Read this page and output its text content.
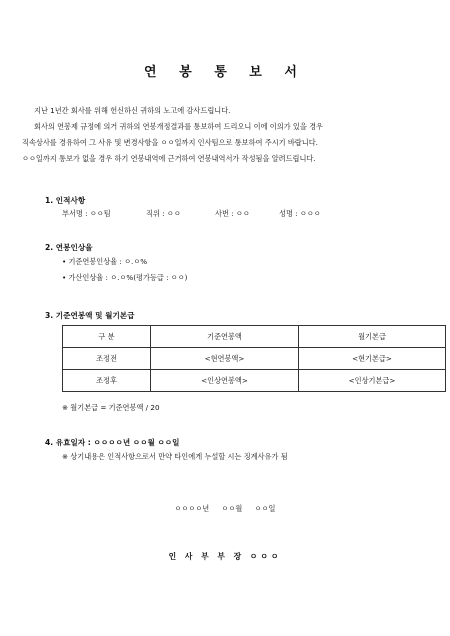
연 봉 통 보 서
지난 1년간 회사를 위해 헌신하신 귀하의 노고에 감사드립니다.
회사의 연봉제 규정에 의거 귀하의 연봉개정결과를 통보하여 드리오니 이에 이의가 있을 경우
직속상사를 경유하여 그 사유 및 변경사항을 ㅇㅇ일까지 인사팀으로 통보하여 주시기 바랍니다.
ㅇㅇ일까지 통보가 없을 경우 하기 연봉내역에 근거하여 연봉내역서가 작성됨을 알려드립니다.
1. 인적사항
부서명 : ㅇㅇ팀	직위 : ㅇㅇ	사번 : ㅇㅇ	성명 : ㅇㅇㅇ
2. 연봉인상율
• 기준연봉인상율 : ㅇ.ㅇ%
• 가산인상율 : ㅇ.ㅇ%(평가등급 : ㅇㅇ)
3. 기준연봉액 및 월기본급
구 분	기준연봉액	월기본급
조정전	<현연봉액>	<현기본급>
조정후	<인상연봉액>	<인상기본급>
※ 월기본급 = 기준연봉액 / 20
4. 유효일자 : ㅇㅇㅇㅇ년 ㅇㅇ월 ㅇㅇ일
※ 상기내용은 인적사항으로서 만약 타인에게 누설할 시는 징계사유가 됨
ㅇㅇㅇㅇ년 ㅇㅇ월 ㅇㅇ일
인 사 부 부 장 ㅇㅇㅇ
